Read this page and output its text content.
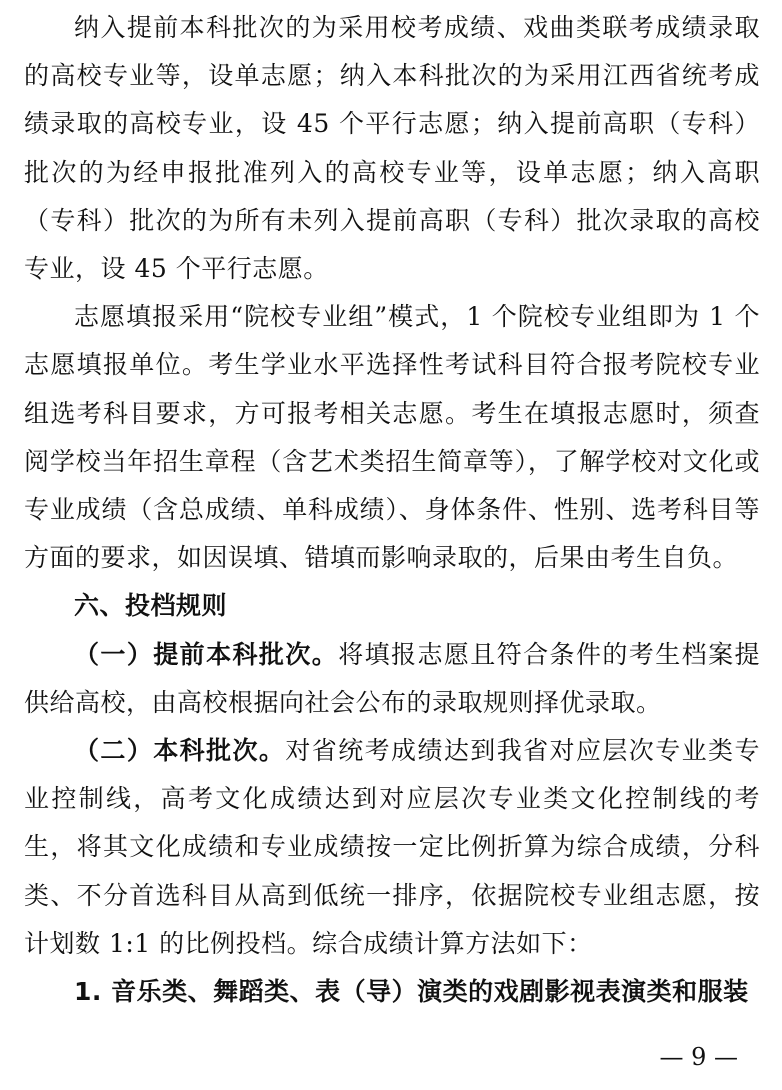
纳入提前本科批次的为采用校考成绩、戏曲类联考成绩录取的高校专业等，设单志愿；纳入本科批次的为采用江西省统考成绩录取的高校专业，设 45 个平行志愿；纳入提前高职（专科）批次的为经申报批准列入的高校专业等，设单志愿；纳入高职（专科）批次的为所有未列入提前高职（专科）批次录取的高校专业，设 45 个平行志愿。

志愿填报采用“院校专业组”模式，1 个院校专业组即为 1 个志愿填报单位。考生学业水平选择性考试科目符合报考院校专业组选考科目要求，方可报考相关志愿。考生在填报志愿时，须查阅学校当年招生章程（含艺术类招生简章等），了解学校对文化或专业成绩（含总成绩、单科成绩）、身体条件、性别、选考科目等方面的要求，如因误填、错填而影响录取的，后果由考生自负。

六、投档规则

（一）提前本科批次。将填报志愿且符合条件的考生档案提供给高校，由高校根据向社会公布的录取规则择优录取。

（二）本科批次。对省统考成绩达到我省对应层次专业类专业控制线，高考文化成绩达到对应层次专业类文化控制线的考生，将其文化成绩和专业成绩按一定比例折算为综合成绩，分科类、不分首选科目从高到低统一排序，依据院校专业组志愿，按计划数 1:1 的比例投档。综合成绩计算方法如下：

1. 音乐类、舞蹈类、表（导）演类的戏剧影视表演类和服装

— 9 —
